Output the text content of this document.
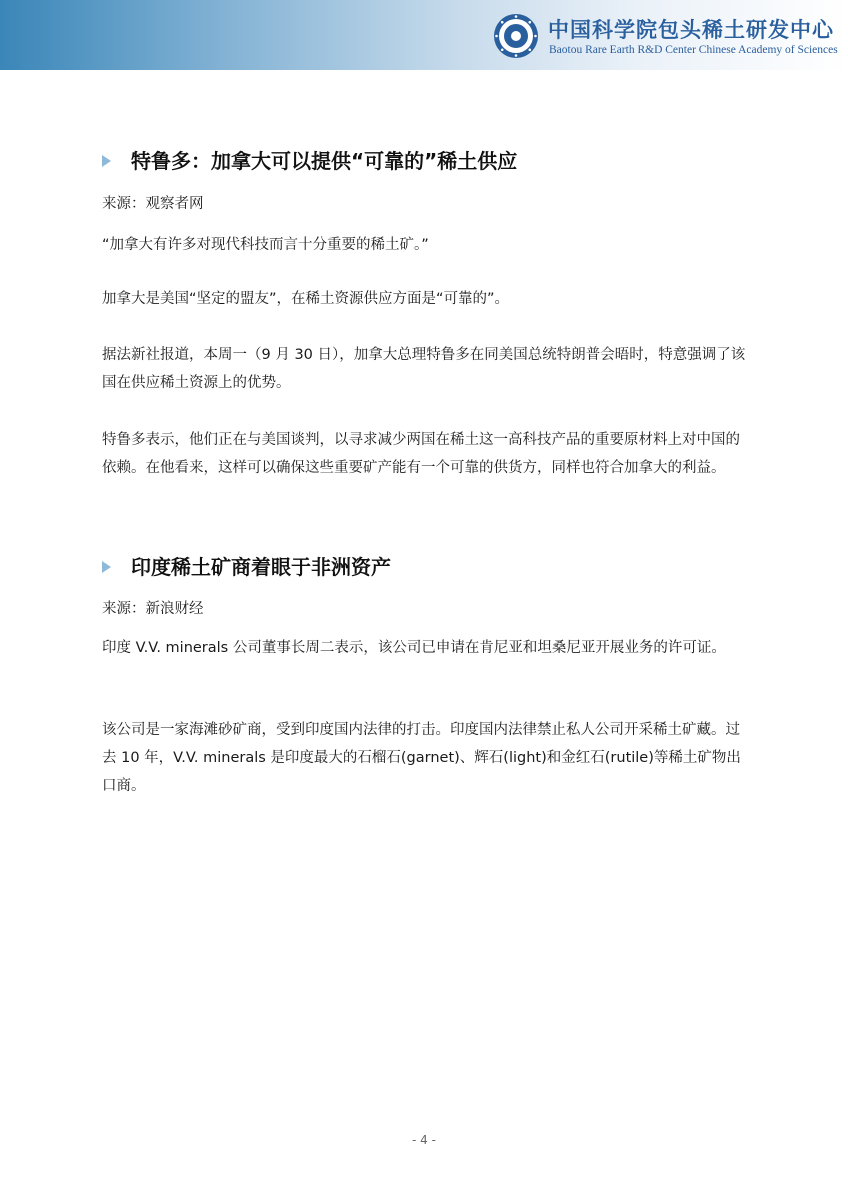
中国科学院包头稀土研发中心
Baotou Rare Earth R&D Center Chinese Academy of Sciences
特鲁多：加拿大可以提供“可靠的”稀土供应
来源：观察者网
“加拿大有许多对现代科技而言十分重要的稀土矿。”
加拿大是美国“坚定的盟友”，在稀土资源供应方面是“可靠的”。
据法新社报道，本周一（9 月 30 日），加拿大总理特鲁多在同美国总统特朗普会晤时，特意强调了该国在供应稀土资源上的优势。
特鲁多表示，他们正在与美国谈判，以寻求减少两国在稀土这一高科技产品的重要原材料上对中国的依赖。在他看来，这样可以确保这些重要矿产能有一个可靠的供货方，同样也符合加拿大的利益。
印度稀土矿商着眼于非洲资产
来源：新浪财经
印度 V.V. minerals 公司董事长周二表示，该公司已申请在肯尼亚和坦桑尼亚开展业务的许可证。
该公司是一家海滩砂矿商，受到印度国内法律的打击。印度国内法律禁止私人公司开采稀土矿藏。过去 10 年，V.V. minerals 是印度最大的石榴石(garnet)、辉石(light)和金红石(rutile)等稀土矿物出口商。
- 4 -
